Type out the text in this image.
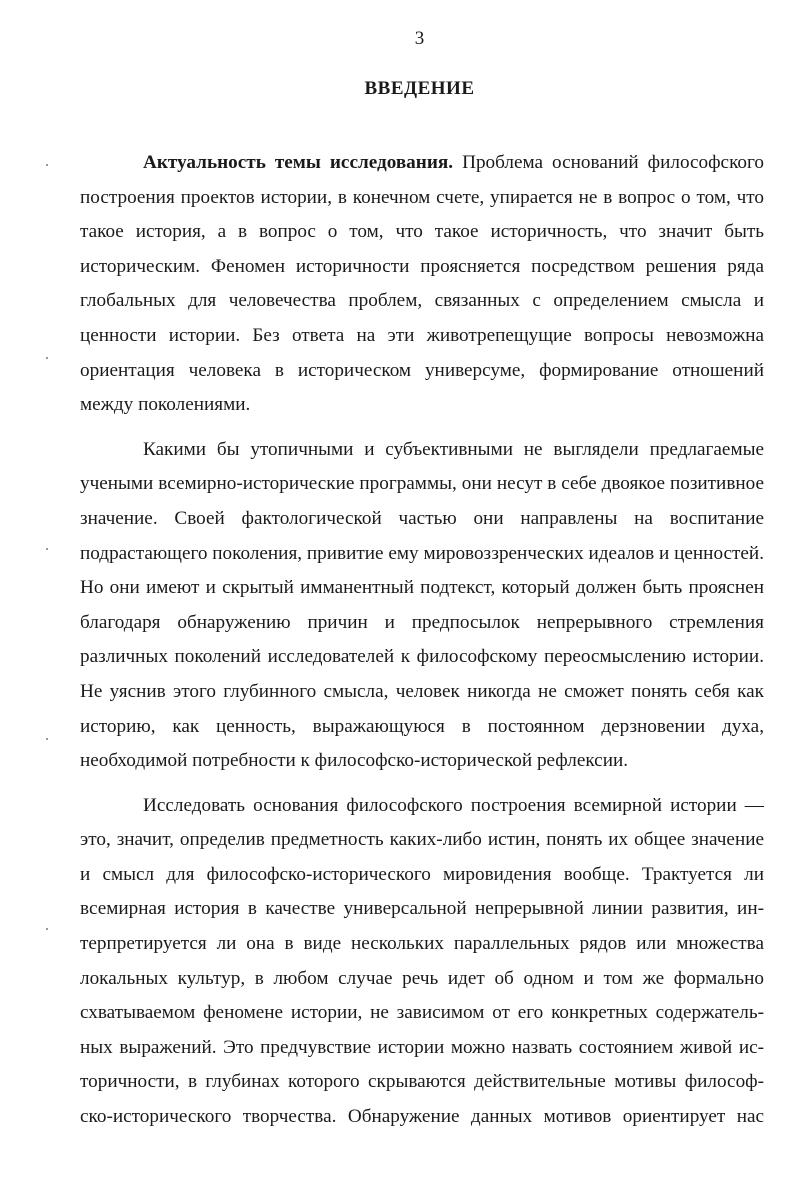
3
ВВЕДЕНИЕ

Актуальность темы исследования. Проблема оснований философского построения проектов истории, в конечном счете, упирается не в вопрос о том, что такое история, а в вопрос о том, что такое историчность, что значит быть историческим. Феномен историчности проясняется посредством решения ряда глобальных для человечества проблем, связанных с определением смысла и ценности истории. Без ответа на эти животрепещущие вопросы невозможна ориентация человека в историческом универсуме, формирование отношений между поколениями.

Какими бы утопичными и субъективными не выглядели предлагаемые учеными всемирно-исторические программы, они несут в себе двоякое позитивное значение. Своей фактологической частью они направлены на воспитание подрастающего поколения, привитие ему мировоззренческих идеалов и ценностей. Но они имеют и скрытый имманентный подтекст, который должен быть прояснен благодаря обнаружению причин и предпосылок непрерывного стремления различных поколений исследователей к философскому переосмыслению истории. Не уяснив этого глубинного смысла, человек никогда не сможет понять себя как историю, как ценность, выражающуюся в постоянном дерзновении духа, необходимой потребности к философско-исторической рефлексии.

Исследовать основания философского построения всемирной истории — это, значит, определив предметность каких-либо истин, понять их общее значение и смысл для философско-исторического мировидения вообще. Трактуется ли всемирная история в качестве универсальной непрерывной линии развития, интерпретируется ли она в виде нескольких параллельных рядов или множества локальных культур, в любом случае речь идет об одном и том же формально схватываемом феномене истории, не зависимом от его конкретных содержательных выражений. Это предчувствие истории можно назвать состоянием живой историчности, в глубинах которого скрываются действительные мотивы философско-исторического творчества. Обнаружение данных мотивов ориентирует нас
